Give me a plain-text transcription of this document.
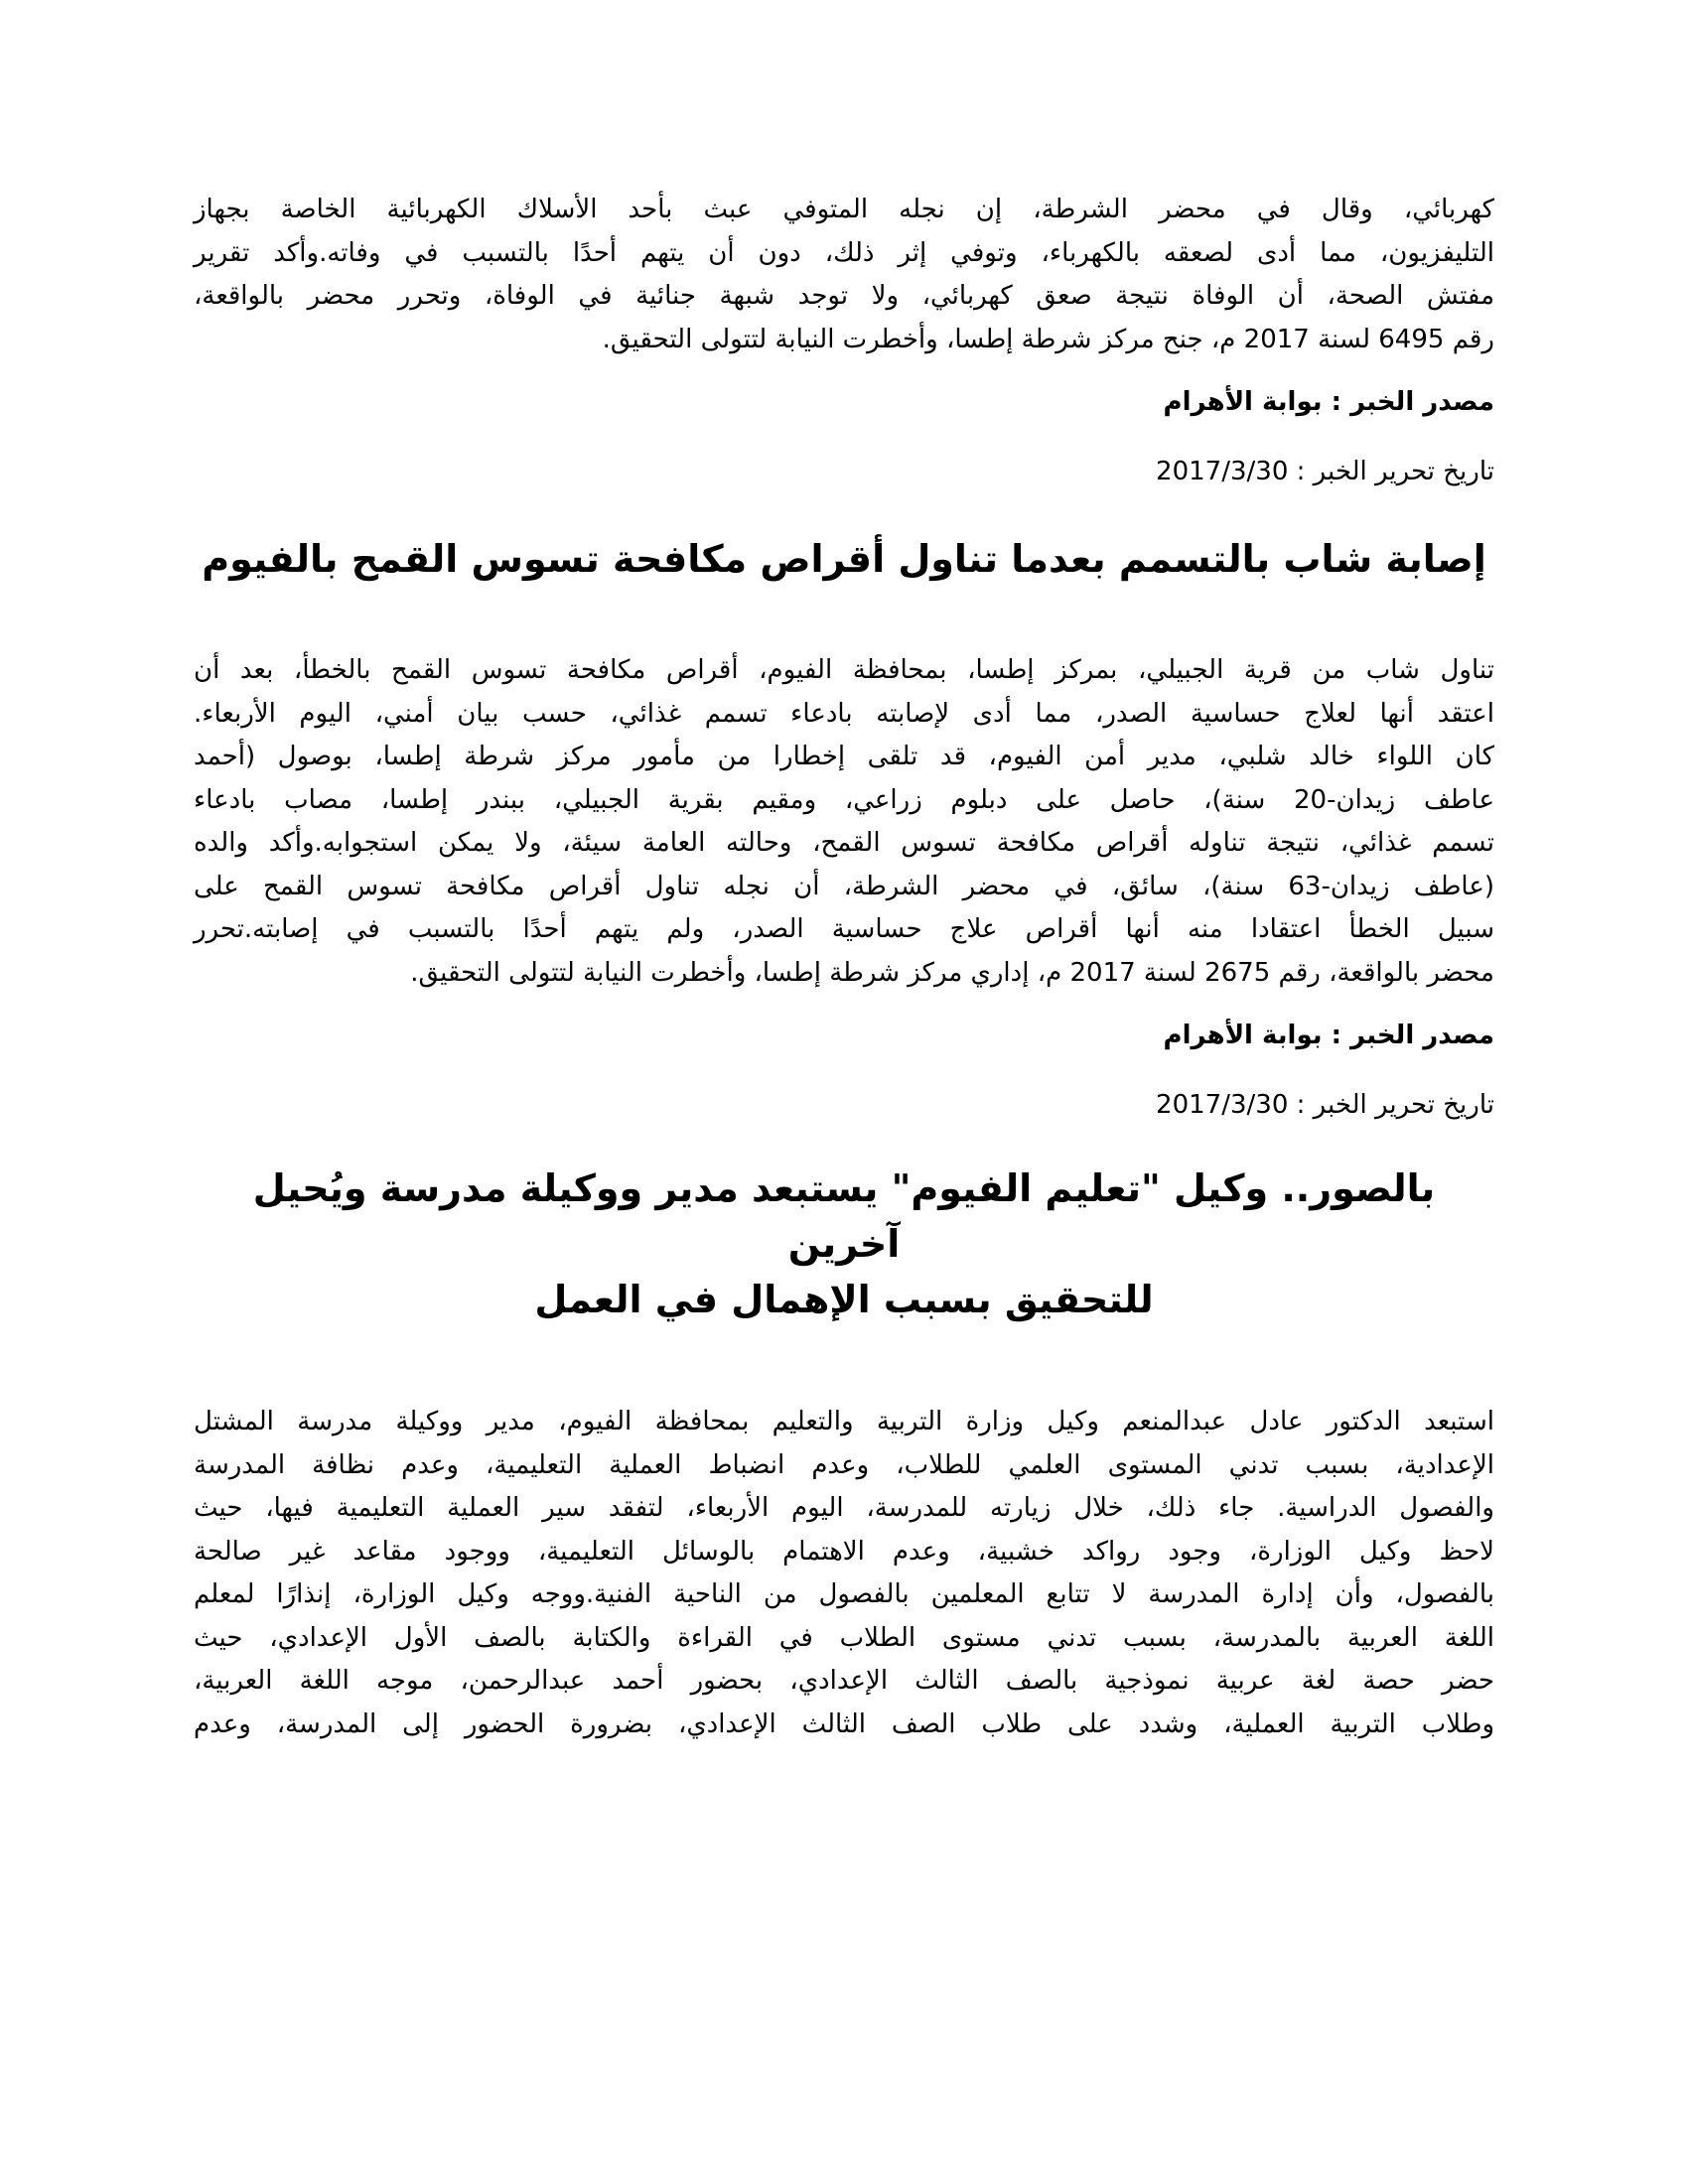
كهربائي، وقال في محضر الشرطة، إن نجله المتوفي عبث بأحد الأسلاك الكهربائية الخاصة بجهاز
التليفزيون، مما أدى لصعقه بالكهرباء، وتوفي إثر ذلك، دون أن يتهم أحدًا بالتسبب في وفاته.وأكد تقرير
مفتش الصحة، أن الوفاة نتيجة صعق كهربائي، ولا توجد شبهة جنائية في الوفاة، وتحرر محضر بالواقعة،
رقم 6495 لسنة 2017 م، جنح مركز شرطة إطسا، وأخطرت النيابة لتتولى التحقيق.

مصدر الخبر : بوابة الأهرام

تاريخ تحرير الخبر : 2017/3/30

إصابة شاب بالتسمم بعدما تناول أقراص مكافحة تسوس القمح بالفيوم
تناول شاب من قرية الجبيلي، بمركز إطسا، بمحافظة الفيوم، أقراص مكافحة تسوس القمح بالخطأ، بعد أن
اعتقد أنها لعلاج حساسية الصدر، مما أدى لإصابته بادعاء تسمم غذائي، حسب بيان أمني، اليوم الأربعاء.
كان اللواء خالد شلبي، مدير أمن الفيوم، قد تلقى إخطارا من مأمور مركز شرطة إطسا، بوصول (أحمد
عاطف زيدان-20 سنة)، حاصل على دبلوم زراعي، ومقيم بقرية الجبيلي، ببندر إطسا، مصاب بادعاء
تسمم غذائي، نتيجة تناوله أقراص مكافحة تسوس القمح، وحالته العامة سيئة، ولا يمكن استجوابه.وأكد والده
(عاطف زيدان-63 سنة)، سائق، في محضر الشرطة، أن نجله تناول أقراص مكافحة تسوس القمح على
سبيل الخطأ اعتقادا منه أنها أقراص علاج حساسية الصدر، ولم يتهم أحدًا بالتسبب في إصابته.تحرر
محضر بالواقعة، رقم 2675 لسنة 2017 م، إداري مركز شرطة إطسا، وأخطرت النيابة لتتولى التحقيق.

مصدر الخبر : بوابة الأهرام

تاريخ تحرير الخبر : 2017/3/30

بالصور.. وكيل "تعليم الفيوم" يستبعد مدير ووكيلة مدرسة ويُحيل آخرين
للتحقيق بسبب الإهمال في العمل
استبعد الدكتور عادل عبدالمنعم وكيل وزارة التربية والتعليم بمحافظة الفيوم، مدير ووكيلة مدرسة المشتل
الإعدادية، بسبب تدني المستوى العلمي للطلاب، وعدم انضباط العملية التعليمية، وعدم نظافة المدرسة
والفصول الدراسية. جاء ذلك، خلال زيارته للمدرسة، اليوم الأربعاء، لتفقد سير العملية التعليمية فيها، حيث
لاحظ وكيل الوزارة، وجود رواكد خشبية، وعدم الاهتمام بالوسائل التعليمية، ووجود مقاعد غير صالحة
بالفصول، وأن إدارة المدرسة لا تتابع المعلمين بالفصول من الناحية الفنية.ووجه وكيل الوزارة، إنذارًا لمعلم
اللغة العربية بالمدرسة، بسبب تدني مستوى الطلاب في القراءة والكتابة بالصف الأول الإعدادي، حيث
حضر حصة لغة عربية نموذجية بالصف الثالث الإعدادي، بحضور أحمد عبدالرحمن، موجه اللغة العربية،
وطلاب التربية العملية، وشدد على طلاب الصف الثالث الإعدادي، بضرورة الحضور إلى المدرسة، وعدم
